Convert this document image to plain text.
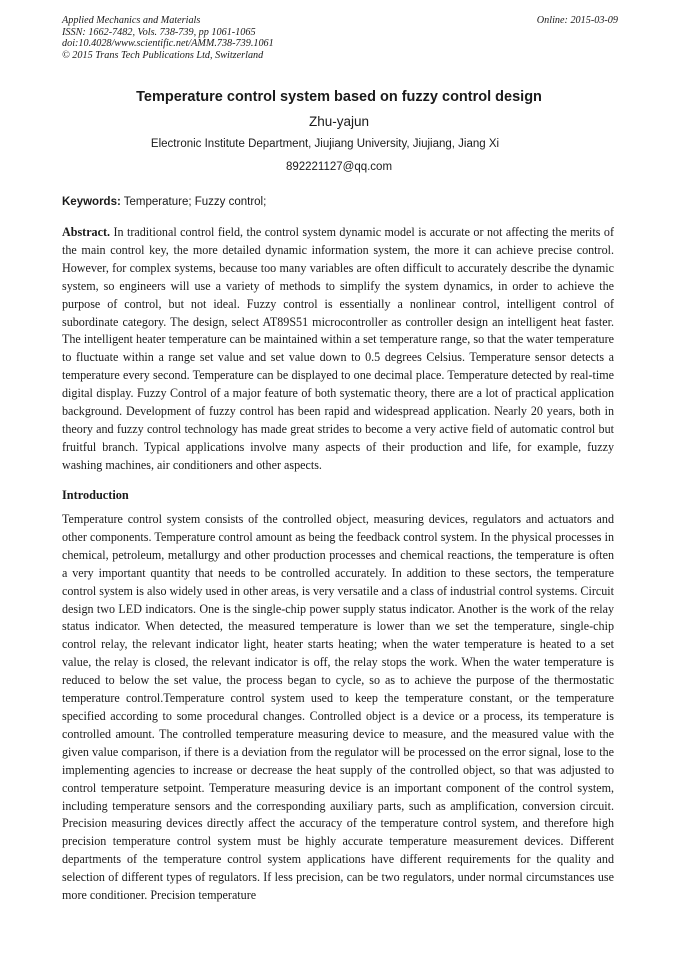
Applied Mechanics and Materials
ISSN: 1662-7482, Vols. 738-739, pp 1061-1065
doi:10.4028/www.scientific.net/AMM.738-739.1061
© 2015 Trans Tech Publications Ltd, Switzerland
Online: 2015-03-09
Temperature control system based on fuzzy control design
Zhu-yajun
Electronic Institute Department, Jiujiang University, Jiujiang, Jiang Xi
892221127@qq.com
Keywords: Temperature; Fuzzy control;

Abstract. In traditional control field, the control system dynamic model is accurate or not affecting the merits of the main control key, the more detailed dynamic information system, the more it can achieve precise control. However, for complex systems, because too many variables are often difficult to accurately describe the dynamic system, so engineers will use a variety of methods to simplify the system dynamics, in order to achieve the purpose of control, but not ideal. Fuzzy control is essentially a nonlinear control, intelligent control of subordinate category. The design, select AT89S51 microcontroller as controller design an intelligent heat faster. The intelligent heater temperature can be maintained within a set temperature range, so that the water temperature to fluctuate within a range set value and set value down to 0.5 degrees Celsius. Temperature sensor detects a temperature every second. Temperature can be displayed to one decimal place. Temperature detected by real-time digital display. Fuzzy Control of a major feature of both systematic theory, there are a lot of practical application background. Development of fuzzy control has been rapid and widespread application. Nearly 20 years, both in theory and fuzzy control technology has made great strides to become a very active field of automatic control but fruitful branch. Typical applications involve many aspects of their production and life, for example, fuzzy washing machines, air conditioners and other aspects.

Introduction

Temperature control system consists of the controlled object, measuring devices, regulators and actuators and other components. Temperature control amount as being the feedback control system. In the physical processes in chemical, petroleum, metallurgy and other production processes and chemical reactions, the temperature is often a very important quantity that needs to be controlled accurately. In addition to these sectors, the temperature control system is also widely used in other areas, is very versatile and a class of industrial control systems. Circuit design two LED indicators. One is the single-chip power supply status indicator. Another is the work of the relay status indicator. When detected, the measured temperature is lower than we set the temperature, single-chip control relay, the relevant indicator light, heater starts heating; when the water temperature is heated to a set value, the relay is closed, the relevant indicator is off, the relay stops the work. When the water temperature is reduced to below the set value, the process began to cycle, so as to achieve the purpose of the thermostatic temperature control.Temperature control system used to keep the temperature constant, or the temperature specified according to some procedural changes. Controlled object is a device or a process, its temperature is controlled amount. The controlled temperature measuring device to measure, and the measured value with the given value comparison, if there is a deviation from the regulator will be processed on the error signal, lose to the implementing agencies to increase or decrease the heat supply of the controlled object, so that was adjusted to control temperature setpoint. Temperature measuring device is an important component of the control system, including temperature sensors and the corresponding auxiliary parts, such as amplification, conversion circuit. Precision measuring devices directly affect the accuracy of the temperature control system, and therefore high precision temperature control system must be highly accurate temperature measurement devices. Different departments of the temperature control system applications have different requirements for the quality and selection of different types of regulators. If less precision, can be two regulators, under normal circumstances use more conditioner. Precision temperature
